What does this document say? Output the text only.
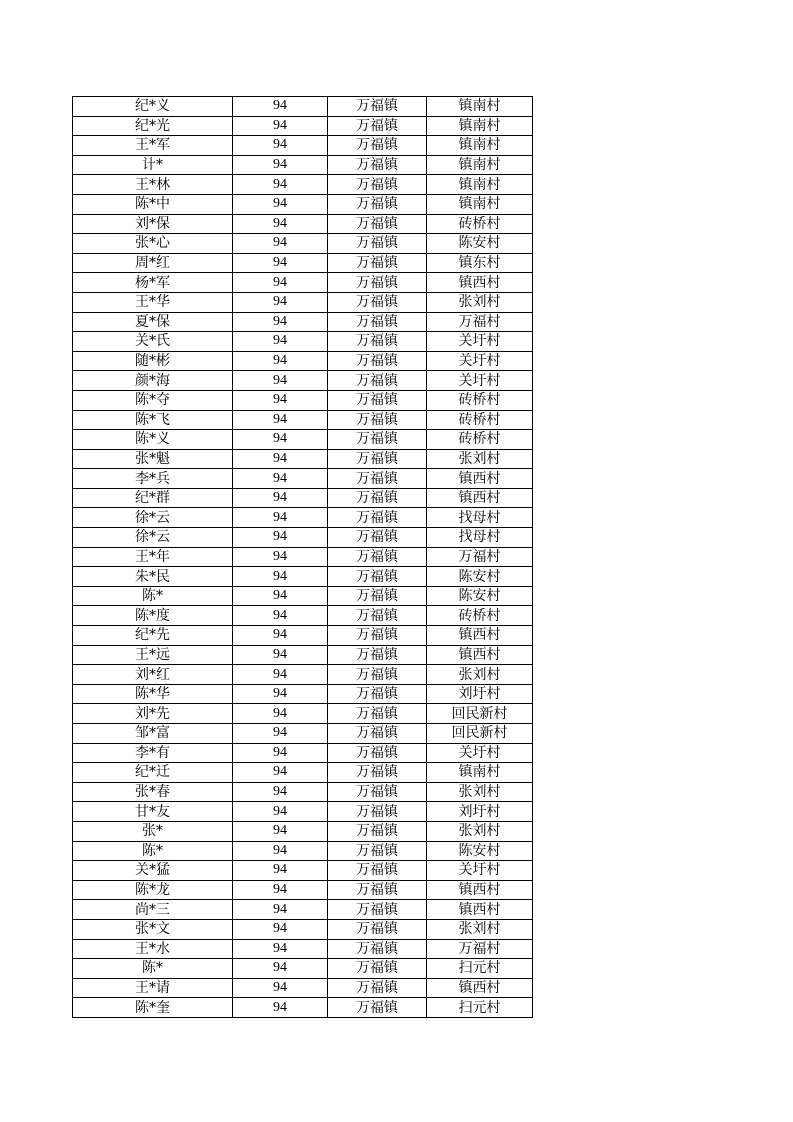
纪*义	94	万福镇	镇南村
纪*光	94	万福镇	镇南村
王*军	94	万福镇	镇南村
计*	94	万福镇	镇南村
王*林	94	万福镇	镇南村
陈*中	94	万福镇	镇南村
刘*保	94	万福镇	砖桥村
张*心	94	万福镇	陈安村
周*红	94	万福镇	镇东村
杨*军	94	万福镇	镇西村
王*华	94	万福镇	张刘村
夏*保	94	万福镇	万福村
关*氏	94	万福镇	关圩村
随*彬	94	万福镇	关圩村
颜*海	94	万福镇	关圩村
陈*夺	94	万福镇	砖桥村
陈*飞	94	万福镇	砖桥村
陈*义	94	万福镇	砖桥村
张*魁	94	万福镇	张刘村
李*兵	94	万福镇	镇西村
纪*群	94	万福镇	镇西村
徐*云	94	万福镇	找母村
徐*云	94	万福镇	找母村
王*年	94	万福镇	万福村
朱*民	94	万福镇	陈安村
陈*	94	万福镇	陈安村
陈*度	94	万福镇	砖桥村
纪*先	94	万福镇	镇西村
王*远	94	万福镇	镇西村
刘*红	94	万福镇	张刘村
陈*华	94	万福镇	刘圩村
刘*先	94	万福镇	回民新村
邹*富	94	万福镇	回民新村
李*有	94	万福镇	关圩村
纪*迁	94	万福镇	镇南村
张*春	94	万福镇	张刘村
甘*友	94	万福镇	刘圩村
张*	94	万福镇	张刘村
陈*	94	万福镇	陈安村
关*猛	94	万福镇	关圩村
陈*龙	94	万福镇	镇西村
尚*三	94	万福镇	镇西村
张*文	94	万福镇	张刘村
王*水	94	万福镇	万福村
陈*	94	万福镇	扫元村
王*请	94	万福镇	镇西村
陈*奎	94	万福镇	扫元村
